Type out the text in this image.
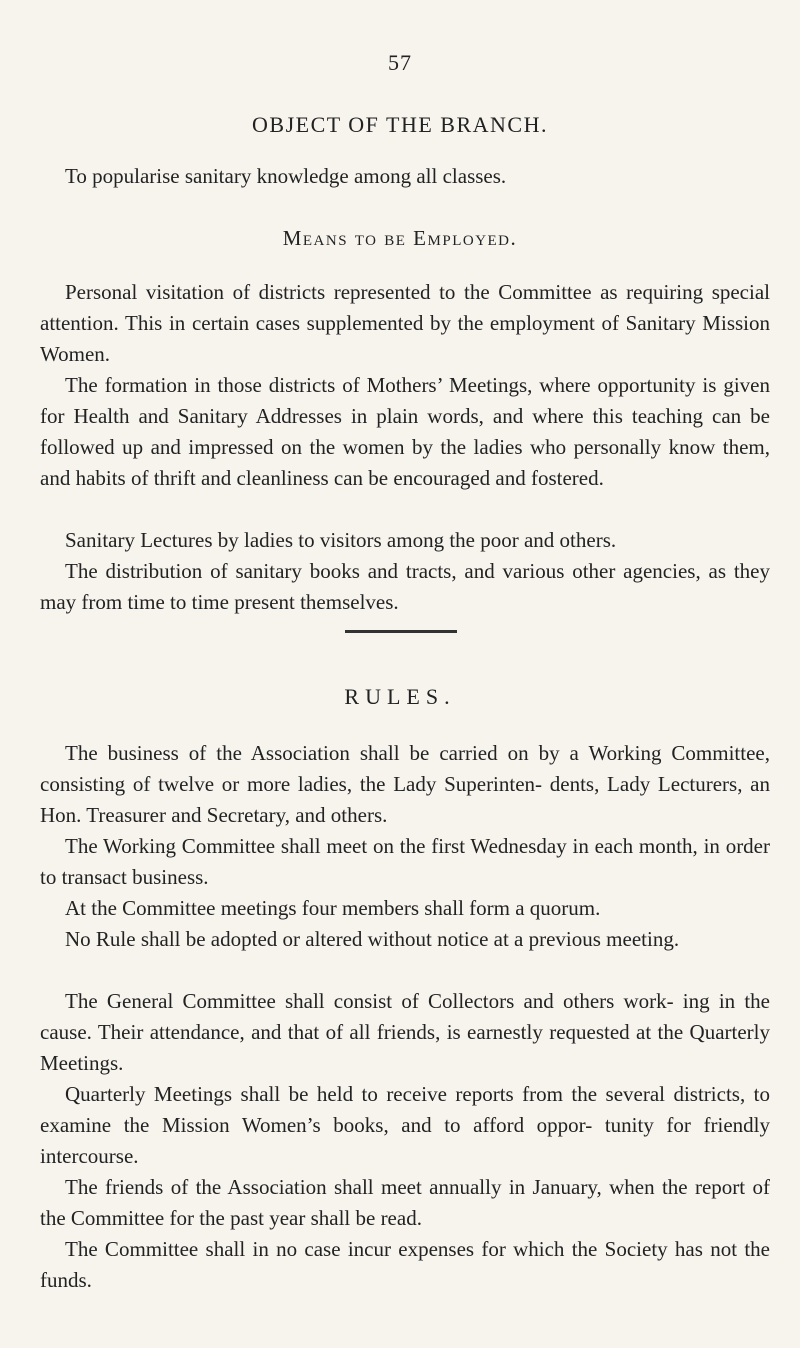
57
OBJECT OF THE BRANCH.

To popularise sanitary knowledge among all classes.

Means to be Employed.

Personal visitation of districts represented to the Committee as requiring special attention. This in certain cases supplemented by the employment of Sanitary Mission Women.

The formation in those districts of Mothers’ Meetings, where opportunity is given for Health and Sanitary Addresses in plain words, and where this teaching can be followed up and impressed on the women by the ladies who personally know them, and habits of thrift and cleanliness can be encouraged and fostered.

Sanitary Lectures by ladies to visitors among the poor and others.

The distribution of sanitary books and tracts, and various other agencies, as they may from time to time present themselves.

RULES.

The business of the Association shall be carried on by a Working Committee, consisting of twelve or more ladies, the Lady Superinten- dents, Lady Lecturers, an Hon. Treasurer and Secretary, and others.

The Working Committee shall meet on the first Wednesday in each month, in order to transact business.

At the Committee meetings four members shall form a quorum.

No Rule shall be adopted or altered without notice at a previous meeting.

The General Committee shall consist of Collectors and others work- ing in the cause. Their attendance, and that of all friends, is earnestly requested at the Quarterly Meetings.

Quarterly Meetings shall be held to receive reports from the several districts, to examine the Mission Women’s books, and to afford oppor- tunity for friendly intercourse.

The friends of the Association shall meet annually in January, when the report of the Committee for the past year shall be read.

The Committee shall in no case incur expenses for which the Society has not the funds.
